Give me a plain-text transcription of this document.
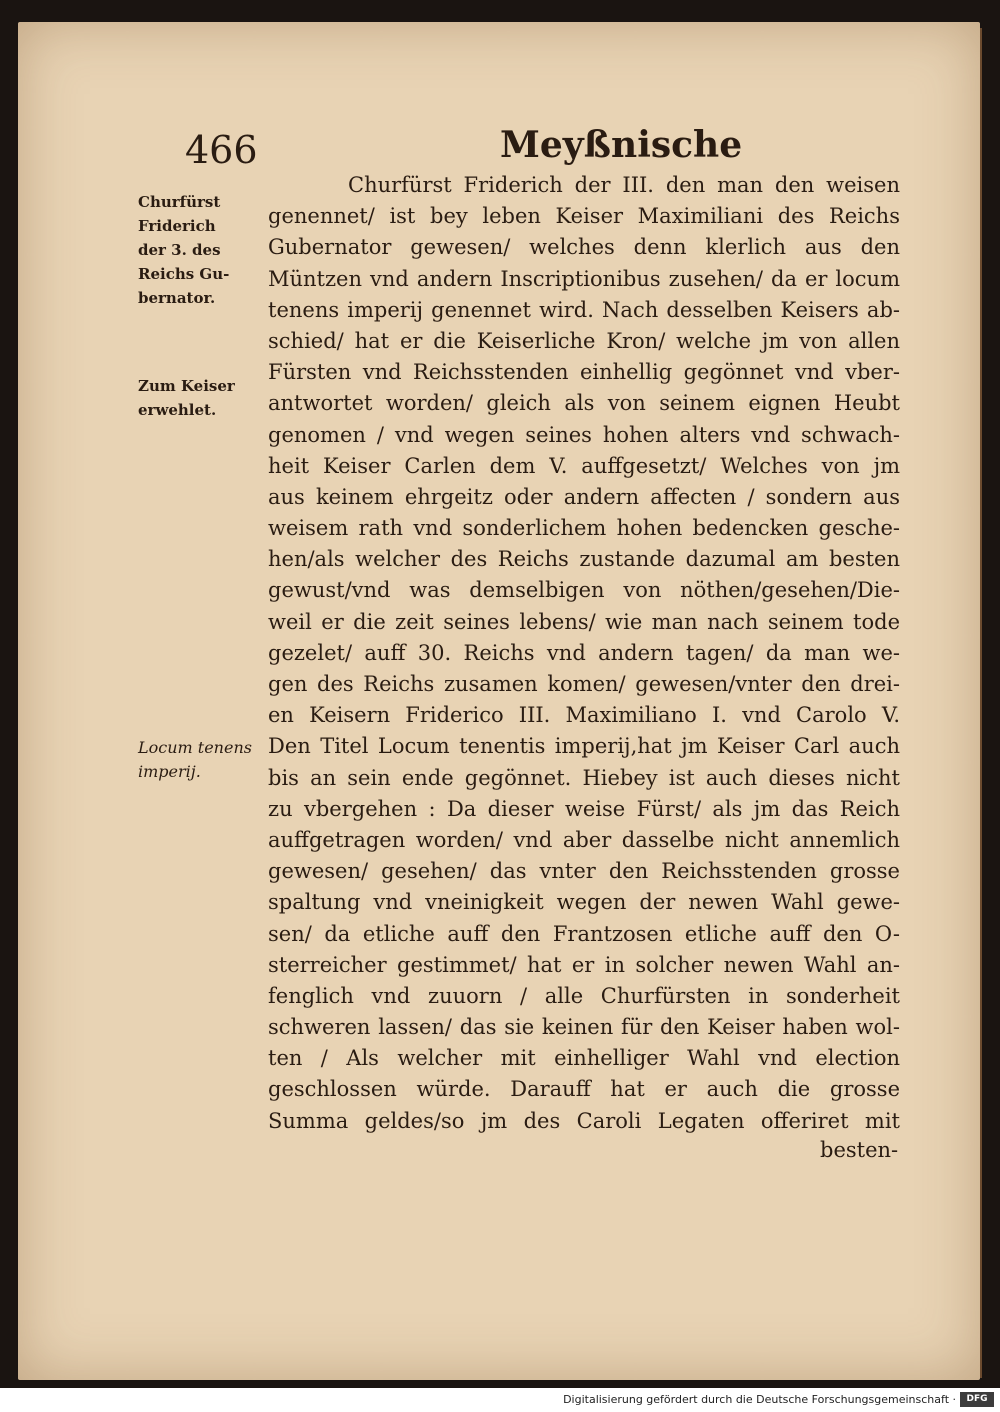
466	Meyßnische
Churfürst
Friderich
der 3. des
Reichs Gu-
bernator.
Zum Keiser
erwehlet.
Locum tenens
imperij.
Churfürst Friderich der III. den man den weisen
genennet/ ist bey leben Keiser Maximiliani des Reichs
Gubernator gewesen/ welches denn klerlich aus den
Müntzen vnd andern Inscriptionibus zusehen/ da er locum
tenens imperij genennet wird. Nach desselben Keisers ab-
schied/ hat er die Keiserliche Kron/ welche jm von allen
Fürsten vnd Reichsstenden einhellig gegönnet vnd vber-
antwortet worden/ gleich als von seinem eignen Heubt
genomen / vnd wegen seines hohen alters vnd schwach-
heit Keiser Carlen dem V. auffgesetzt/ Welches von jm
aus keinem ehrgeitz oder andern affecten / sondern aus
weisem rath vnd sonderlichem hohen bedencken gesche-
hen/als welcher des Reichs zustande dazumal am besten
gewust/vnd was demselbigen von nöthen/gesehen/Die-
weil er die zeit seines lebens/ wie man nach seinem tode
gezelet/ auff 30. Reichs vnd andern tagen/ da man we-
gen des Reichs zusamen komen/ gewesen/vnter den drei-
en Keisern Friderico III. Maximiliano I. vnd Carolo V.
Den Titel Locum tenentis imperij,hat jm Keiser Carl auch
bis an sein ende gegönnet. Hiebey ist auch dieses nicht
zu vbergehen : Da dieser weise Fürst/ als jm das Reich
auffgetragen worden/ vnd aber dasselbe nicht annemlich
gewesen/ gesehen/ das vnter den Reichsstenden grosse
spaltung vnd vneinigkeit wegen der newen Wahl gewe-
sen/ da etliche auff den Frantzosen etliche auff den O-
sterreicher gestimmet/ hat er in solcher newen Wahl an-
fenglich vnd zuuorn / alle Churfürsten in sonderheit
schweren lassen/ das sie keinen für den Keiser haben wol-
ten / Als welcher mit einhelliger Wahl vnd election
geschlossen würde. Darauff hat er auch die grosse
Summa geldes/so jm des Caroli Legaten offeriret mit
besten-
Digitalisierung gefördert durch die Deutsche Forschungsgemeinschaft ·	DFG
